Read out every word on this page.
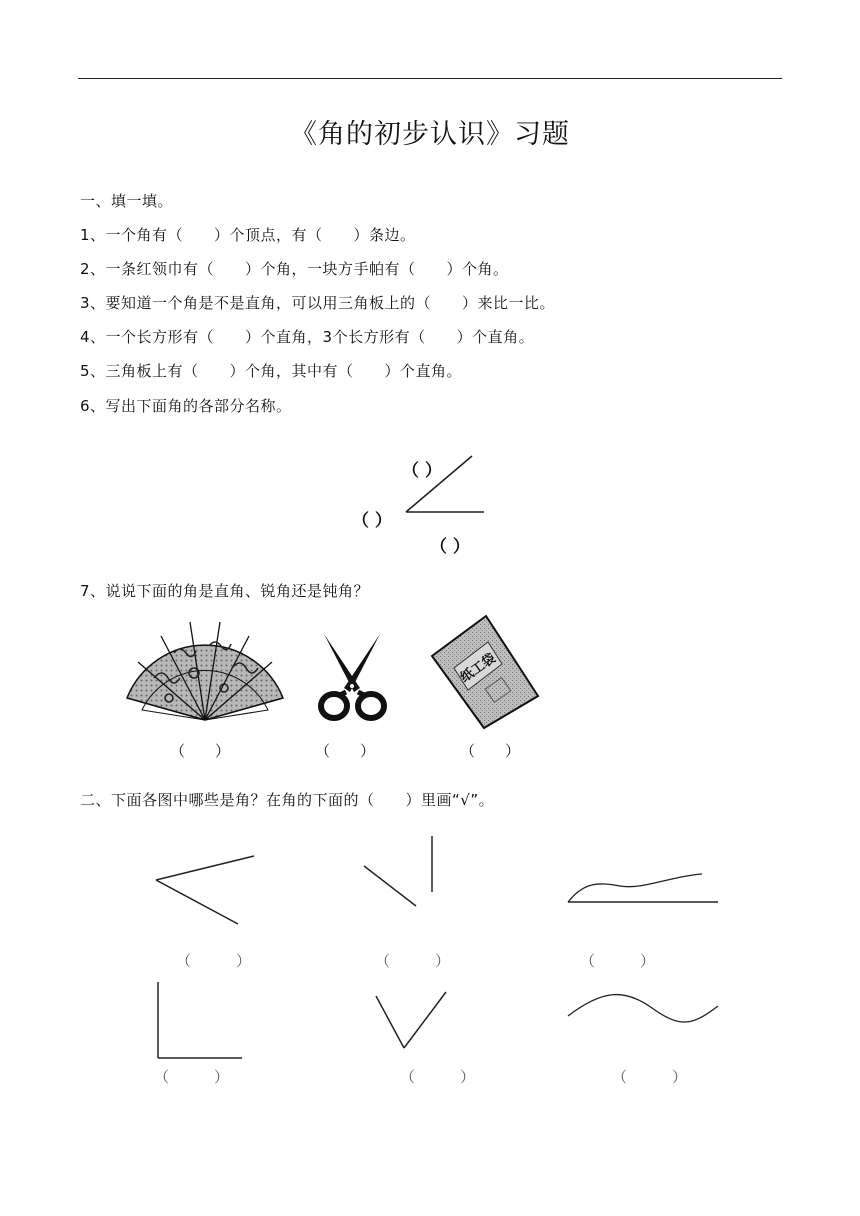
《角的初步认识》习题
一、填一填。
1、一个角有（　　）个顶点，有（　　）条边。
2、一条红领巾有（　　）个角，一块方手帕有（　　）个角。
3、要知道一个角是不是直角，可以用三角板上的（　　）来比一比。
4、一个长方形有（　　）个直角，3个长方形有（　　）个直角。
5、三角板上有（　　）个角，其中有（　　）个直角。
6、写出下面角的各部分名称。
（ ）
（ ）
（ ）
7、说说下面的角是直角、锐角还是钝角？
纸工袋
（　　）	（　　）	（　　）
二、下面各图中哪些是角？在角的下面的（　　）里画“√”。
（　　　）	（　　　）	（　　　）
（　　　）	（　　　）	（　　　）
